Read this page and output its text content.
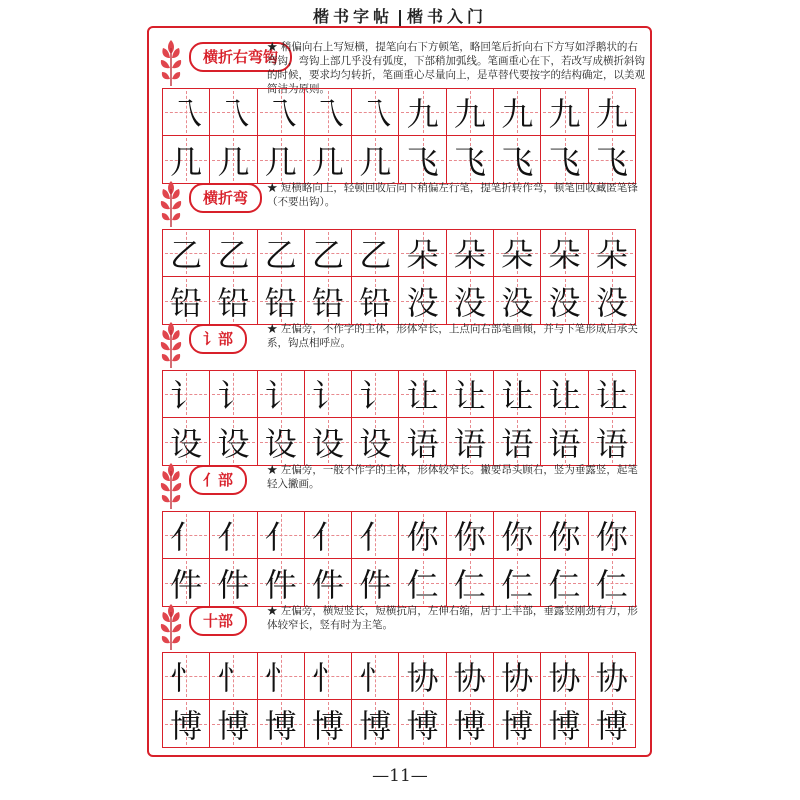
楷书字帖 楷书入门
横折右弯钩
★ 稍偏向右上写短横，提笔向右下方顿笔，略回笔后折向右下方写如浮鹅状的右弯钩，弯钩上部几乎没有弧度，下部稍加弧线。笔画重心在下，若改写成横折斜钩的时候，要求均匀转折，笔画重心尽量向上，是草替代要按字的结构确定，以美观简洁为原则。
乁 乁 乁 乁 乁 九 九 九 九 九
几 几 几 几 几 飞 飞 飞 飞 飞
横折弯
★ 短横略向上，轻顿回收后向下稍偏左行笔，提笔折转作弯，顿笔回收藏匿笔锋（不要出钩）。
乙 乙 乙 乙 乙 朵 朵 朵 朵 朵
铅 铅 铅 铅 铅 没 没 没 没 没
讠部
★ 左偏旁，不作字的主体，形体窄长，上点向右部笔画倾，并与下笔形成启承关系，钩点相呼应。
讠 讠 讠 讠 讠 让 让 让 让 让
设 设 设 设 设 语 语 语 语 语
亻部
★ 左偏旁，一般不作字的主体，形体较窄长。撇要昂头顾右，竖为垂露竖，起笔轻入撇画。
亻 亻 亻 亻 亻 你 你 你 你 你
件 件 件 件 件 仁 仁 仁 仁 仁
十部
★ 左偏旁，横短竖长，短横抗肩，左伸右缩，居于上半部，垂露竖刚劲有力，形体较窄长，竖有时为主笔。
忄 忄 忄 忄 忄 协 协 协 协 协
博 博 博 博 博 博 博 博 博 博
—11—
